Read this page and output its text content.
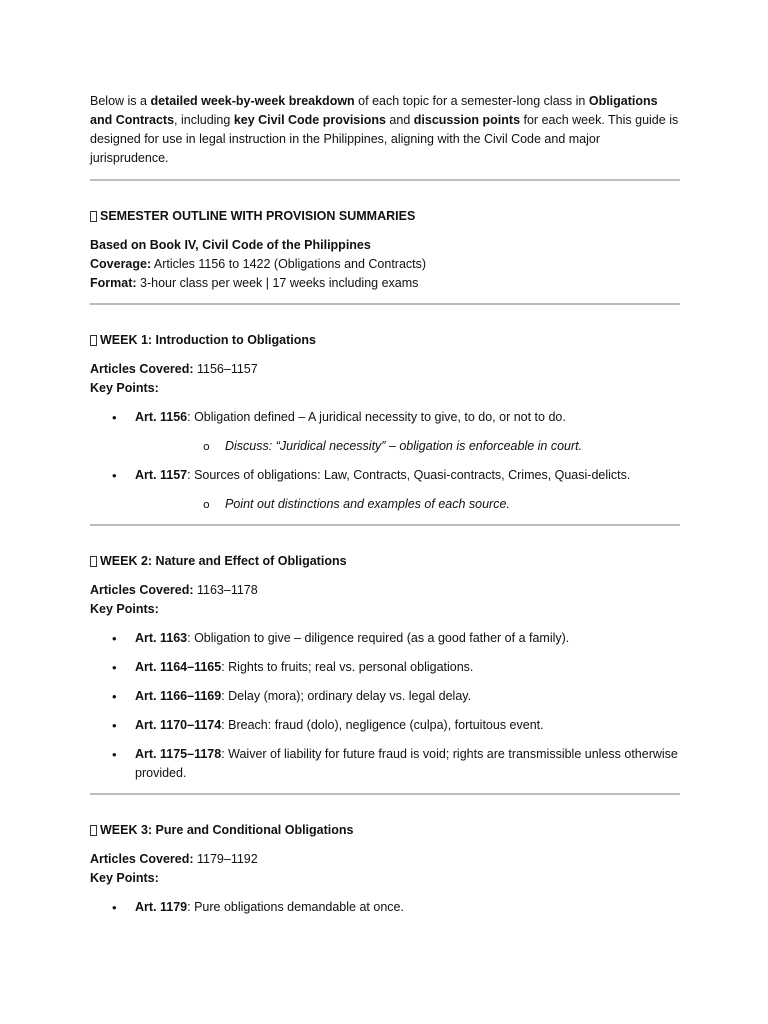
Below is a detailed week-by-week breakdown of each topic for a semester-long class in Obligations and Contracts, including key Civil Code provisions and discussion points for each week. This guide is designed for use in legal instruction in the Philippines, aligning with the Civil Code and major jurisprudence.

SEMESTER OUTLINE WITH PROVISION SUMMARIES

Based on Book IV, Civil Code of the Philippines

Coverage: Articles 1156 to 1422 (Obligations and Contracts)

Format: 3-hour class per week | 17 weeks including exams

WEEK 1: Introduction to Obligations

Articles Covered: 1156–1157

Key Points:

• Art. 1156: Obligation defined – A juridical necessity to give, to do, or not to do.
o Discuss: “Juridical necessity” – obligation is enforceable in court.
• Art. 1157: Sources of obligations: Law, Contracts, Quasi-contracts, Crimes, Quasi-delicts.
o Point out distinctions and examples of each source.
WEEK 2: Nature and Effect of Obligations

Articles Covered: 1163–1178

Key Points:

• Art. 1163: Obligation to give – diligence required (as a good father of a family).
• Art. 1164–1165: Rights to fruits; real vs. personal obligations.
• Art. 1166–1169: Delay (mora); ordinary delay vs. legal delay.
• Art. 1170–1174: Breach: fraud (dolo), negligence (culpa), fortuitous event.
• Art. 1175–1178: Waiver of liability for future fraud is void; rights are transmissible unless otherwise provided.
WEEK 3: Pure and Conditional Obligations

Articles Covered: 1179–1192

Key Points:

• Art. 1179: Pure obligations demandable at once.
